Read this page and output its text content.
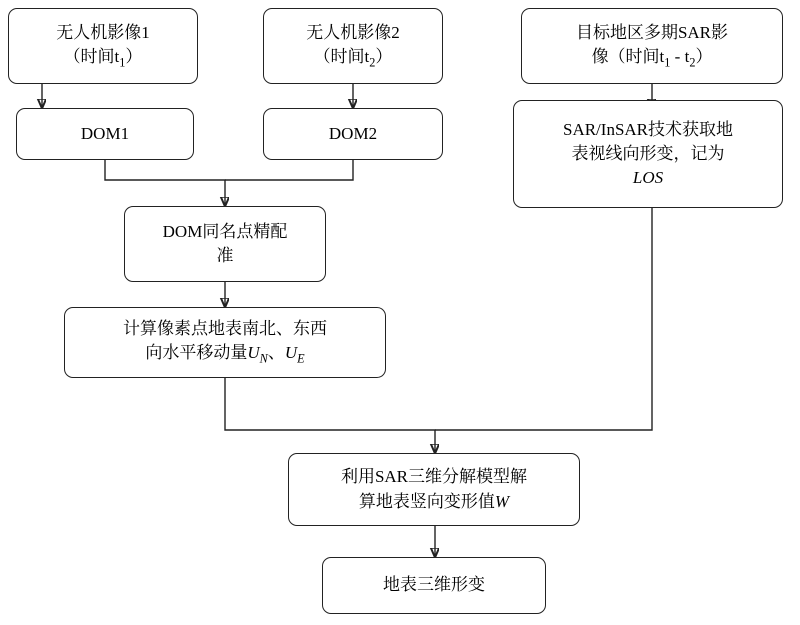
无人机影像1
（时间$t_1$）
无人机影像2
（时间$t_2$）
目标地区多期SAR影
像（时间$t_1 - t_2$）
DOM1	DOM2	SAR/InSAR技术获取地
表视线向形变，记为
LOS
DOM同名点精配
准
计算像素点地表南北、东西
向水平移动量$U_N$、$U_E$
利用SAR三维分解模型解
算地表竖向变形值W
地表三维形变
